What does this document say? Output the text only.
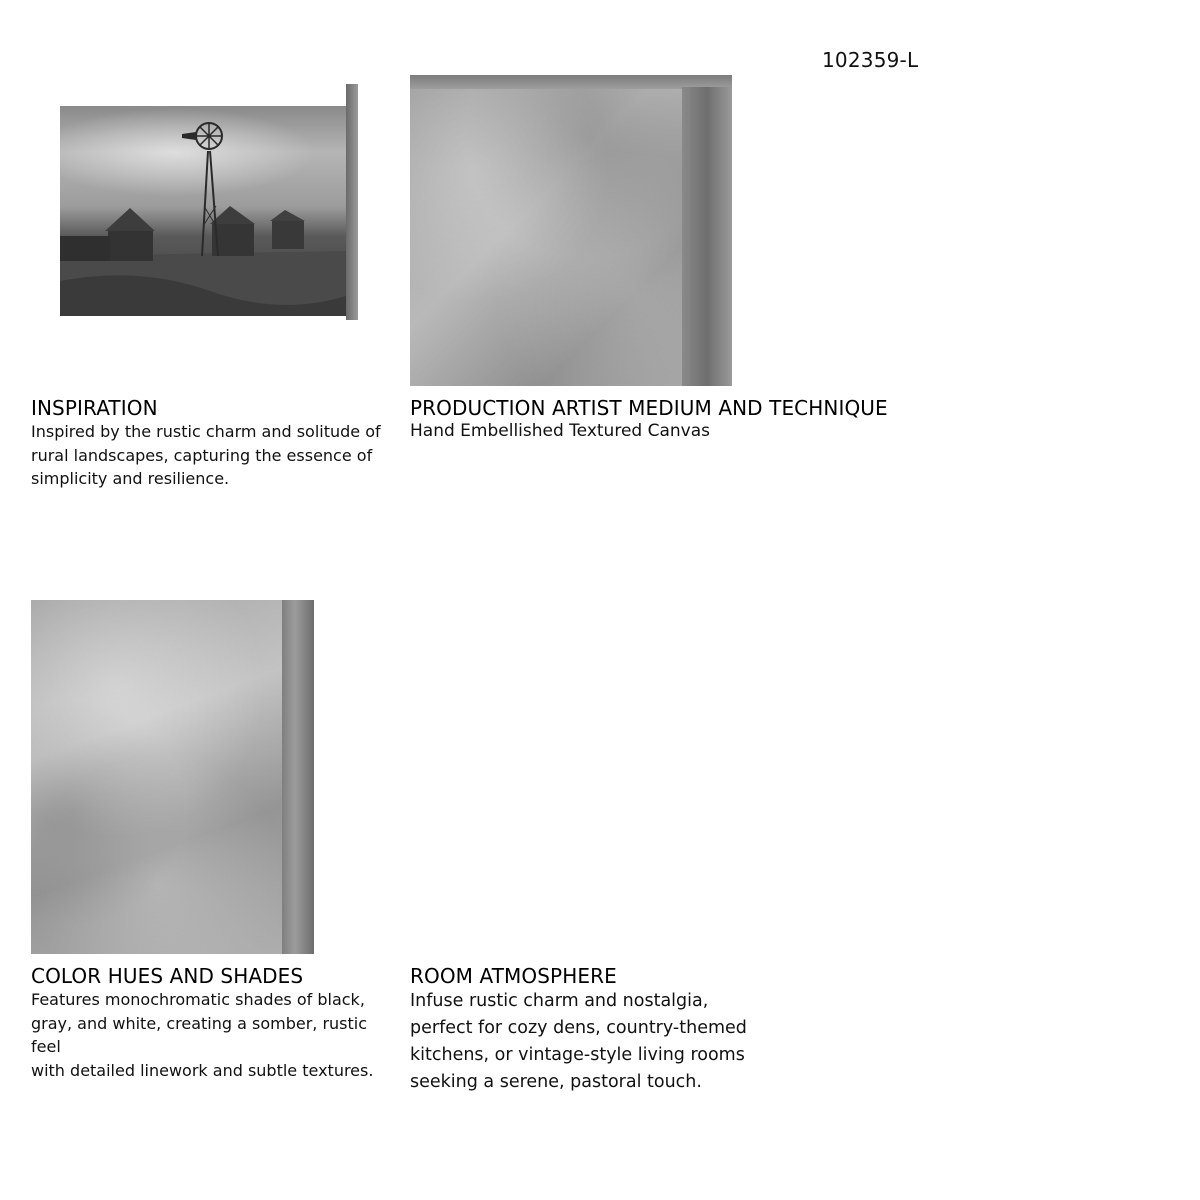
102359-L
INSPIRATION

Inspired by the rustic charm and solitude of

rural landscapes, capturing the essence of

simplicity and resilience.

PRODUCTION ARTIST MEDIUM AND TECHNIQUE

Hand Embellished Textured Canvas

COLOR HUES AND SHADES

Features monochromatic shades of black,

gray, and white, creating a somber, rustic feel

with detailed linework and subtle textures.

ROOM ATMOSPHERE

Infuse rustic charm and nostalgia,

perfect for cozy dens, country-themed

kitchens, or vintage-style living rooms

seeking a serene, pastoral touch.
